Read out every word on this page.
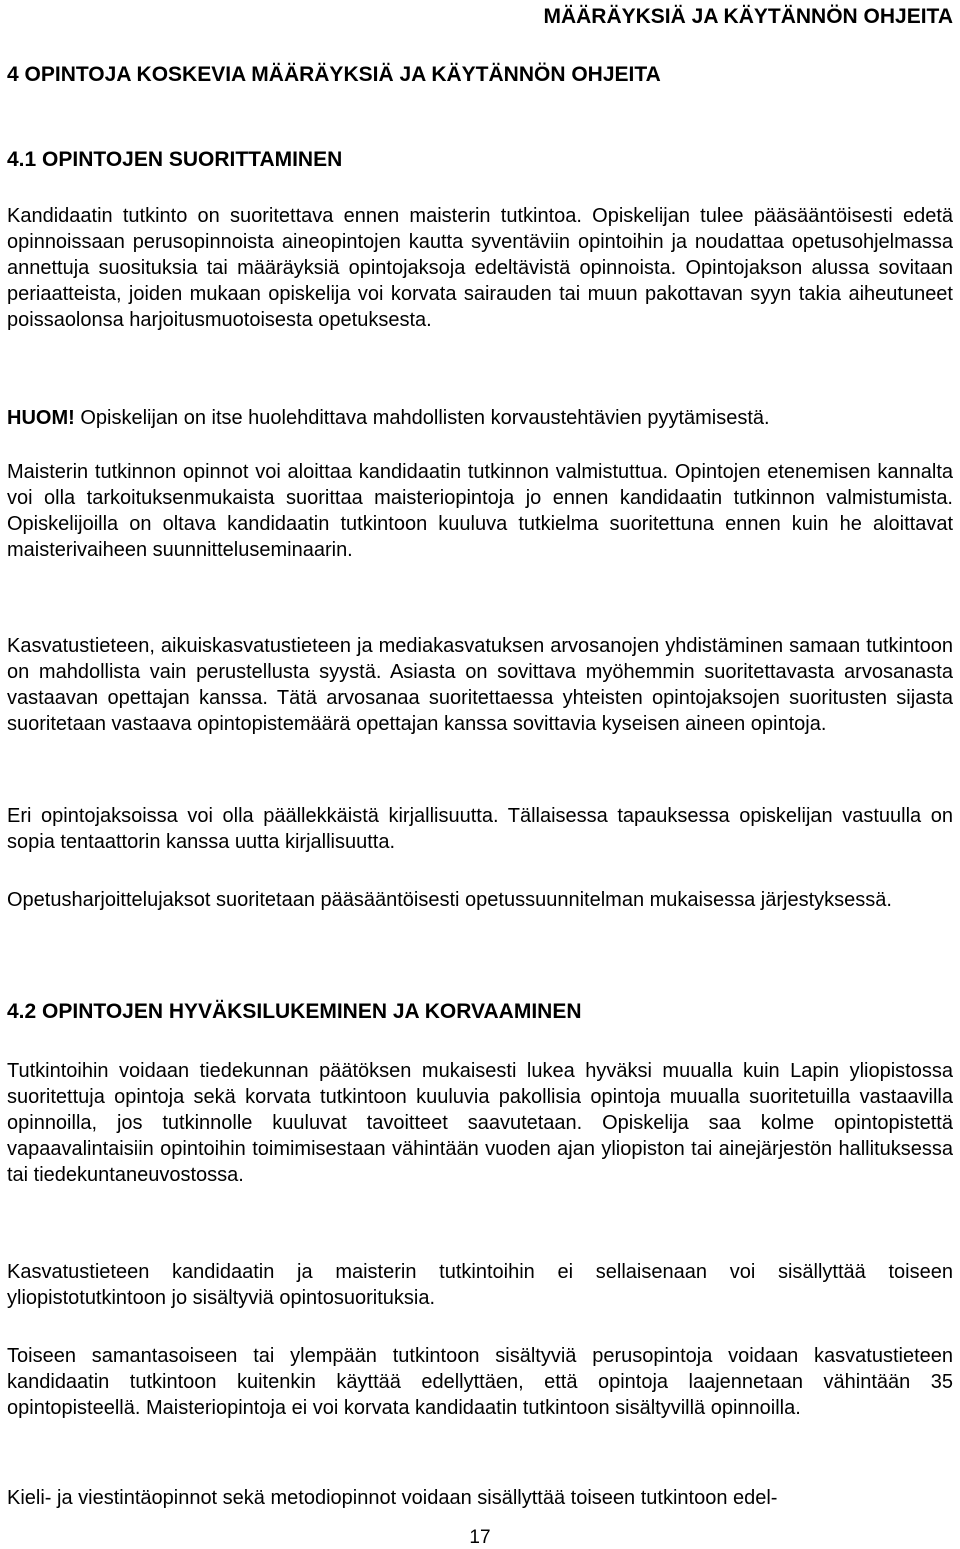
MÄÄRÄYKSIÄ JA KÄYTÄNNÖN OHJEITA
4 OPINTOJA KOSKEVIA MÄÄRÄYKSIÄ JA KÄYTÄNNÖN OHJEITA
4.1 OPINTOJEN SUORITTAMINEN

Kandidaatin tutkinto on suoritettava ennen maisterin tutkintoa. Opiskelijan tulee pääsääntöisesti edetä opinnoissaan perusopinnoista aineopintojen kautta syventäviin opintoihin ja noudattaa opetusohjelmassa annettuja suosituksia tai määräyksiä opintojaksoja edeltävistä opinnoista. Opintojakson alussa sovitaan periaatteista, joiden mukaan opiskelija voi korvata sairauden tai muun pakottavan syyn takia aiheutuneet poissaolonsa harjoitusmuotoisesta opetuksesta.

HUOM! Opiskelijan on itse huolehdittava mahdollisten korvaustehtävien pyytämisestä.

Maisterin tutkinnon opinnot voi aloittaa kandidaatin tutkinnon valmistuttua. Opintojen etenemisen kannalta voi olla tarkoituksenmukaista suorittaa maisteriopintoja jo ennen kandidaatin tutkinnon valmistumista. Opiskelijoilla on oltava kandidaatin tutkintoon kuuluva tutkielma suoritettuna ennen kuin he aloittavat maisterivaiheen suunnitteluseminaarin.

Kasvatustieteen, aikuiskasvatustieteen ja mediakasvatuksen arvosanojen yhdistäminen samaan tutkintoon on mahdollista vain perustellusta syystä. Asiasta on sovittava myöhemmin suoritettavasta arvosanasta vastaavan opettajan kanssa. Tätä arvosanaa suoritettaessa yhteisten opintojaksojen suoritusten sijasta suoritetaan vastaava opintopistemäärä opettajan kanssa sovittavia kyseisen aineen opintoja.

Eri opintojaksoissa voi olla päällekkäistä kirjallisuutta. Tällaisessa tapauksessa opiskelijan vastuulla on sopia tentaattorin kanssa uutta kirjallisuutta.

Opetusharjoittelujaksot suoritetaan pääsääntöisesti opetussuunnitelman mukaisessa järjestyksessä.

4.2 OPINTOJEN HYVÄKSILUKEMINEN JA KORVAAMINEN

Tutkintoihin voidaan tiedekunnan päätöksen mukaisesti lukea hyväksi muualla kuin Lapin yliopistossa suoritettuja opintoja sekä korvata tutkintoon kuuluvia pakollisia opintoja muualla suoritetuilla vastaavilla opinnoilla, jos tutkinnolle kuuluvat tavoitteet saavutetaan. Opiskelija saa kolme opintopistettä vapaavalintaisiin opintoihin toimimisestaan vähintään vuoden ajan yliopiston tai ainejärjestön hallituksessa tai tiedekuntaneuvostossa.

Kasvatustieteen kandidaatin ja maisterin tutkintoihin ei sellaisenaan voi sisällyttää toiseen yliopistotutkintoon jo sisältyviä opintosuorituksia.

Toiseen samantasoiseen tai ylempään tutkintoon sisältyviä perusopintoja voidaan kasvatustieteen kandidaatin tutkintoon kuitenkin käyttää edellyttäen, että opintoja laajennetaan vähintään 35 opintopisteellä. Maisteriopintoja ei voi korvata kandidaatin tutkintoon sisältyvillä opinnoilla.

Kieli- ja viestintäopinnot sekä metodiopinnot voidaan sisällyttää toiseen tutkintoon edel-

17
